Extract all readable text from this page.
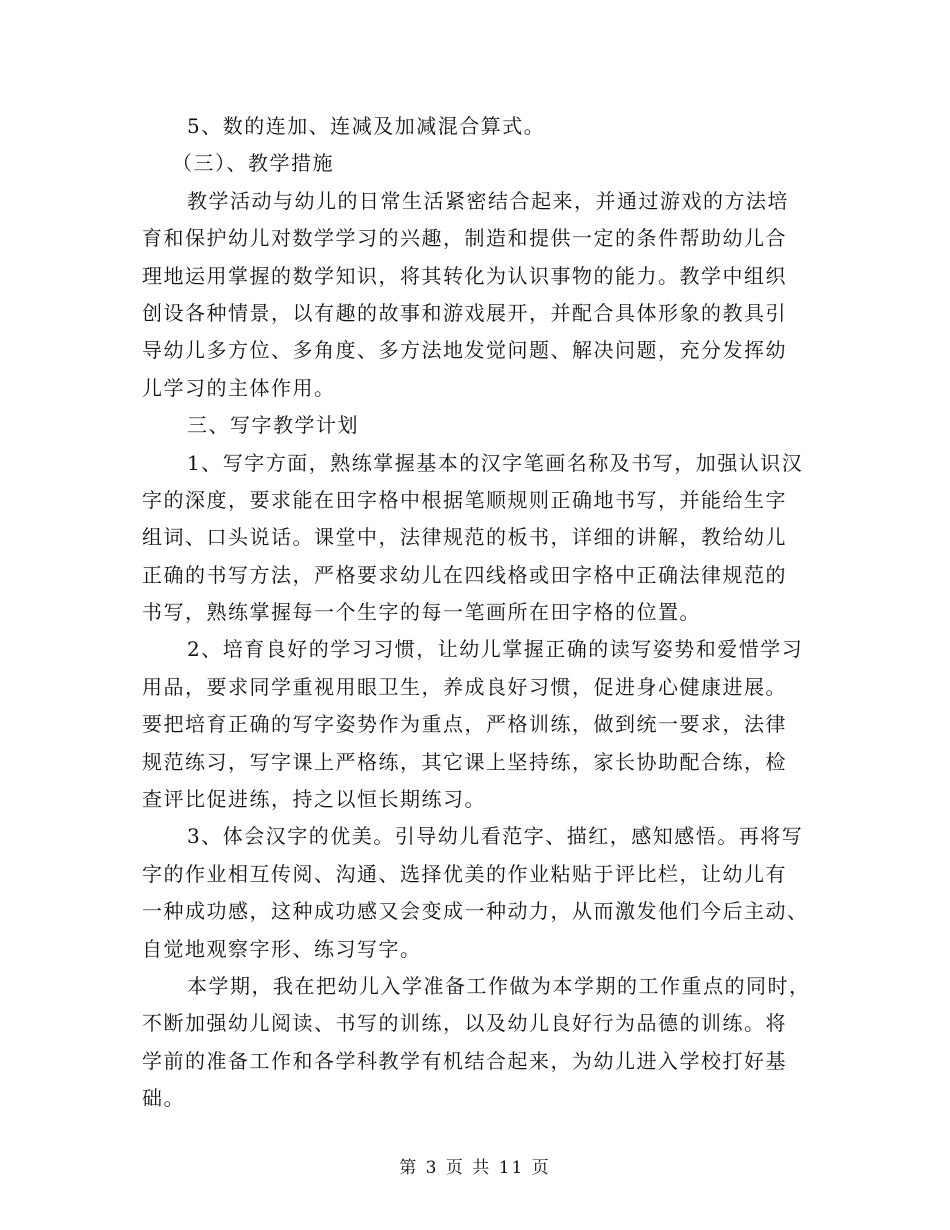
5、数的连加、连减及加减混合算式。
（三）、教学措施
教学活动与幼儿的日常生活紧密结合起来，并通过游戏的方法培
育和保护幼儿对数学学习的兴趣，制造和提供一定的条件帮助幼儿合
理地运用掌握的数学知识，将其转化为认识事物的能力。教学中组织
创设各种情景，以有趣的故事和游戏展开，并配合具体形象的教具引
导幼儿多方位、多角度、多方法地发觉问题、解决问题，充分发挥幼
儿学习的主体作用。
三、写字教学计划
1、写字方面，熟练掌握基本的汉字笔画名称及书写，加强认识汉
字的深度，要求能在田字格中根据笔顺规则正确地书写，并能给生字
组词、口头说话。课堂中，法律规范的板书，详细的讲解，教给幼儿
正确的书写方法，严格要求幼儿在四线格或田字格中正确法律规范的
书写，熟练掌握每一个生字的每一笔画所在田字格的位置。
2、培育良好的学习习惯，让幼儿掌握正确的读写姿势和爱惜学习
用品，要求同学重视用眼卫生，养成良好习惯，促进身心健康进展。
要把培育正确的写字姿势作为重点，严格训练，做到统一要求，法律
规范练习，写字课上严格练，其它课上坚持练，家长协助配合练，检
查评比促进练，持之以恒长期练习。
3、体会汉字的优美。引导幼儿看范字、描红，感知感悟。再将写
字的作业相互传阅、沟通、选择优美的作业粘贴于评比栏，让幼儿有
一种成功感，这种成功感又会变成一种动力，从而激发他们今后主动、
自觉地观察字形、练习写字。
本学期，我在把幼儿入学准备工作做为本学期的工作重点的同时，
不断加强幼儿阅读、书写的训练，以及幼儿良好行为品德的训练。将
学前的准备工作和各学科教学有机结合起来，为幼儿进入学校打好基
础。
第 3 页 共 11 页
